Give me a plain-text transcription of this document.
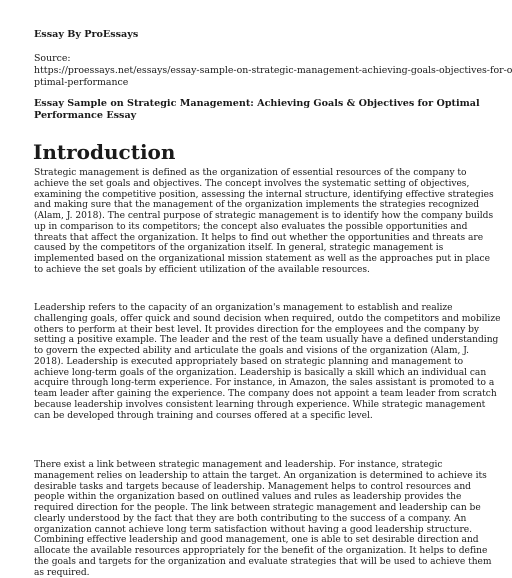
Essay By ProEssays
Source:
https://proessays.net/essays/essay-sample-on-strategic-management-achieving-goals-objectives-for-o
ptimal-performance
Essay Sample on Strategic Management: Achieving Goals & Objectives for Optimal
Performance Essay
Introduction
Strategic management is defined as the organization of essential resources of the company to
achieve the set goals and objectives. The concept involves the systematic setting of objectives,
examining the competitive position, assessing the internal structure, identifying effective strategies
and making sure that the management of the organization implements the strategies recognized
(Alam, J. 2018). The central purpose of strategic management is to identify how the company builds
up in comparison to its competitors; the concept also evaluates the possible opportunities and
threats that affect the organization. It helps to find out whether the opportunities and threats are
caused by the competitors of the organization itself. In general, strategic management is
implemented based on the organizational mission statement as well as the approaches put in place
to achieve the set goals by efficient utilization of the available resources.
Leadership refers to the capacity of an organization's management to establish and realize
challenging goals, offer quick and sound decision when required, outdo the competitors and mobilize
others to perform at their best level. It provides direction for the employees and the company by
setting a positive example. The leader and the rest of the team usually have a defined understanding
to govern the expected ability and articulate the goals and visions of the organization (Alam, J.
2018). Leadership is executed appropriately based on strategic planning and management to
achieve long-term goals of the organization. Leadership is basically a skill which an individual can
acquire through long-term experience. For instance, in Amazon, the sales assistant is promoted to a
team leader after gaining the experience. The company does not appoint a team leader from scratch
because leadership involves consistent learning through experience. While strategic management
can be developed through training and courses offered at a specific level.
There exist a link between strategic management and leadership. For instance, strategic
management relies on leadership to attain the target. An organization is determined to achieve its
desirable tasks and targets because of leadership. Management helps to control resources and
people within the organization based on outlined values and rules as leadership provides the
required direction for the people. The link between strategic management and leadership can be
clearly understood by the fact that they are both contributing to the success of a company. An
organization cannot achieve long term satisfaction without having a good leadership structure.
Combining effective leadership and good management, one is able to set desirable direction and
allocate the available resources appropriately for the benefit of the organization. It helps to define
the goals and targets for the organization and evaluate strategies that will be used to achieve them
as required.
